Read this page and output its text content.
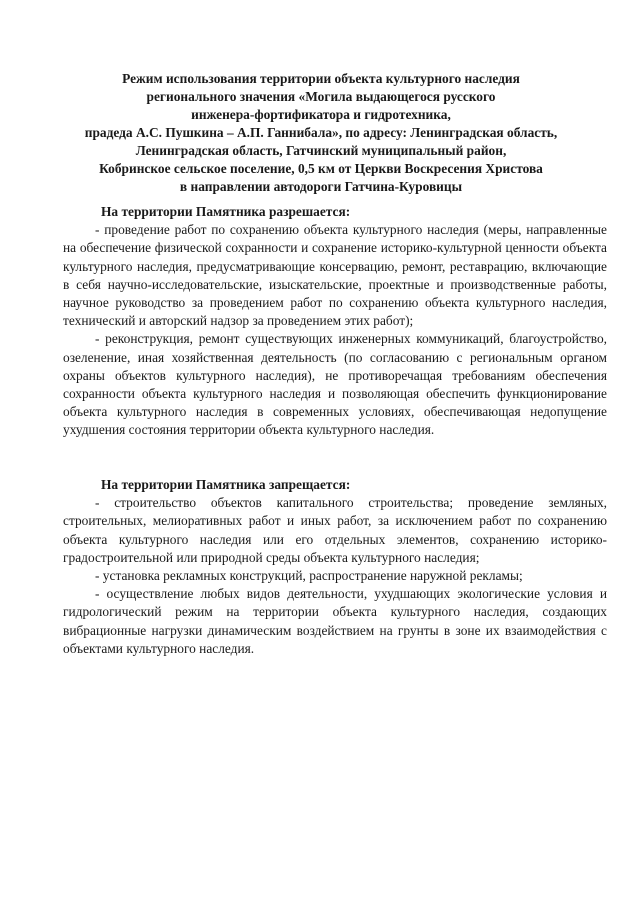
Режим использования территории объекта культурного наследия
регионального значения «Могила выдающегося русского
инженера-фортификатора и гидротехника,
прадеда А.С. Пушкина – А.П. Ганнибала», по адресу: Ленинградская область,
Ленинградская область, Гатчинский муниципальный район,
Кобринское сельское поселение, 0,5 км от Церкви Воскресения Христова
в направлении автодороги Гатчина-Куровицы
На территории Памятника разрешается:

- проведение работ по сохранению объекта культурного наследия (меры, направленные на обеспечение физической сохранности и сохранение историко-культурной ценности объекта культурного наследия, предусматривающие консервацию, ремонт, реставрацию, включающие в себя научно-исследовательские, изыскательские, проектные и производственные работы, научное руководство за проведением работ по сохранению объекта культурного наследия, технический и авторский надзор за проведением этих работ);

- реконструкция, ремонт существующих инженерных коммуникаций, благоустройство, озеленение, иная хозяйственная деятельность (по согласованию с региональным органом охраны объектов культурного наследия), не противоречащая требованиям обеспечения сохранности объекта культурного наследия и позволяющая обеспечить функционирование объекта культурного наследия в современных условиях, обеспечивающая недопущение ухудшения состояния территории объекта культурного наследия.

На территории Памятника запрещается:

- строительство объектов капитального строительства; проведение земляных, строительных, мелиоративных работ и иных работ, за исключением работ по сохранению объекта культурного наследия или его отдельных элементов, сохранению историко-градостроительной или природной среды объекта культурного наследия;

- установка рекламных конструкций, распространение наружной рекламы;

- осуществление любых видов деятельности, ухудшающих экологические условия и гидрологический режим на территории объекта культурного наследия, создающих вибрационные нагрузки динамическим воздействием на грунты в зоне их взаимодействия с объектами культурного наследия.
